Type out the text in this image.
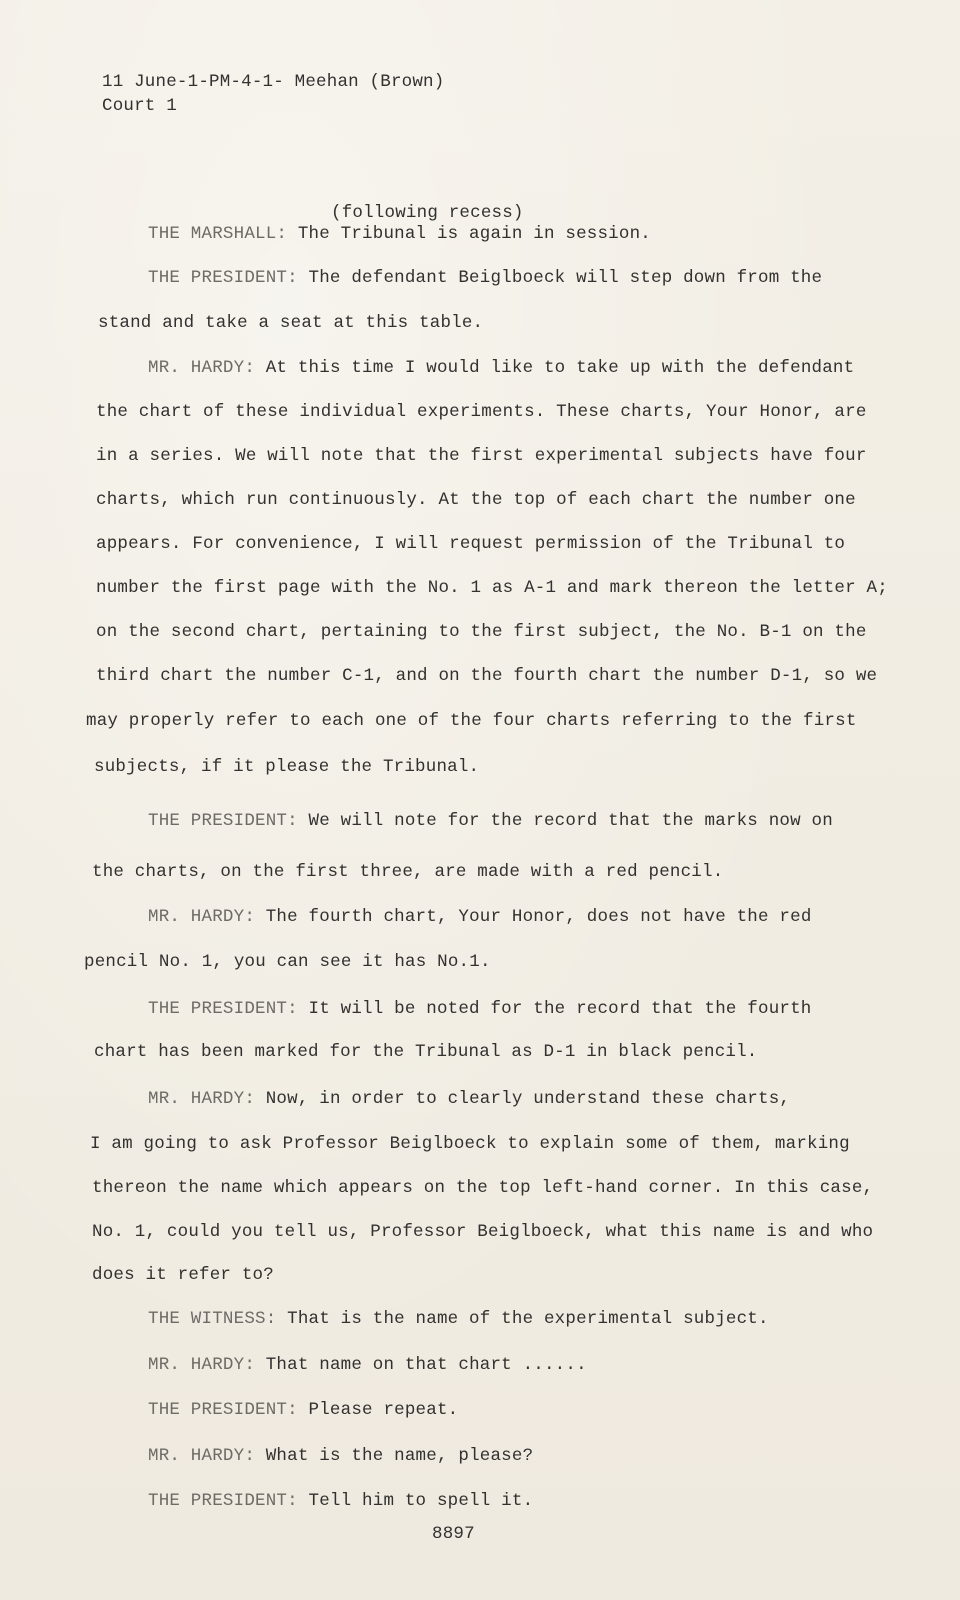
11 June-1-PM-4-1- Meehan (Brown)
Court 1
(following recess)
THE MARSHALL: The Tribunal is again in session.
THE PRESIDENT: The defendant Beiglboeck will step down from the
stand and take a seat at this table.
MR. HARDY: At this time I would like to take up with the defendant
the chart of these individual experiments. These charts, Your Honor, are
in a series. We will note that the first experimental subjects have four
charts, which run continuously. At the top of each chart the number one
appears. For convenience, I will request permission of the Tribunal to
number the first page with the No. 1 as A-1 and mark thereon the letter A;
on the second chart, pertaining to the first subject, the No. B-1 on the
third chart the number C-1, and on the fourth chart the number D-1, so we
may properly refer to each one of the four charts referring to the first
subjects, if it please the Tribunal.
THE PRESIDENT: We will note for the record that the marks now on
the charts, on the first three, are made with a red pencil.
MR. HARDY: The fourth chart, Your Honor, does not have the red
pencil No. 1, you can see it has No.1.
THE PRESIDENT: It will be noted for the record that the fourth
chart has been marked for the Tribunal as D-1 in black pencil.
MR. HARDY: Now, in order to clearly understand these charts,
I am going to ask Professor Beiglboeck to explain some of them, marking
thereon the name which appears on the top left-hand corner. In this case,
No. 1, could you tell us, Professor Beiglboeck, what this name is and who
does it refer to?
THE WITNESS: That is the name of the experimental subject.
MR. HARDY: That name on that chart ......
THE PRESIDENT: Please repeat.
MR. HARDY: What is the name, please?
THE PRESIDENT: Tell him to spell it.
8897
